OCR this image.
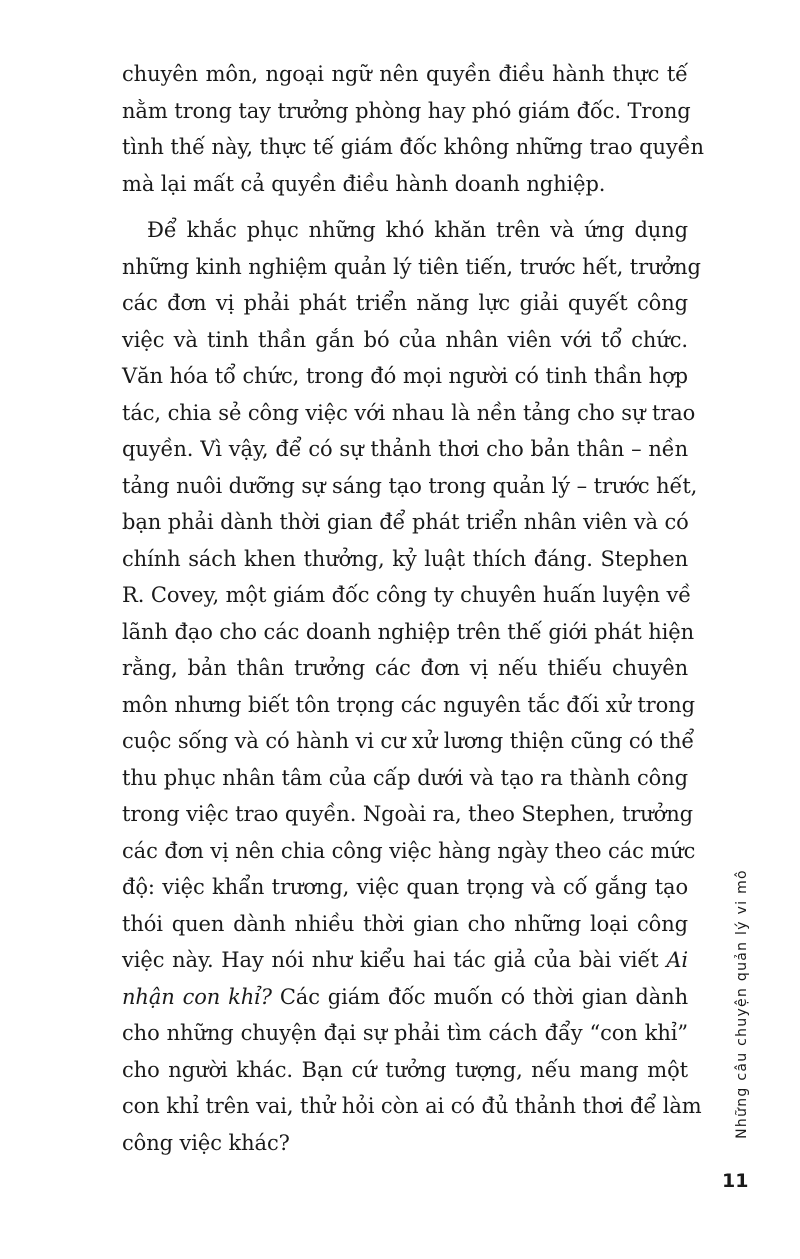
chuyên môn, ngoại ngữ nên quyền điều hành thực tế
nằm trong tay trưởng phòng hay phó giám đốc. Trong
tình thế này, thực tế giám đốc không những trao quyền
mà lại mất cả quyền điều hành doanh nghiệp.
Để khắc phục những khó khăn trên và ứng dụng
những kinh nghiệm quản lý tiên tiến, trước hết, trưởng
các đơn vị phải phát triển năng lực giải quyết công
việc và tinh thần gắn bó của nhân viên với tổ chức.
Văn hóa tổ chức, trong đó mọi người có tinh thần hợp
tác, chia sẻ công việc với nhau là nền tảng cho sự trao
quyền. Vì vậy, để có sự thảnh thơi cho bản thân – nền
tảng nuôi dưỡng sự sáng tạo trong quản lý – trước hết,
bạn phải dành thời gian để phát triển nhân viên và có
chính sách khen thưởng, kỷ luật thích đáng. Stephen
R. Covey, một giám đốc công ty chuyên huấn luyện về
lãnh đạo cho các doanh nghiệp trên thế giới phát hiện
rằng, bản thân trưởng các đơn vị nếu thiếu chuyên
môn nhưng biết tôn trọng các nguyên tắc đối xử trong
cuộc sống và có hành vi cư xử lương thiện cũng có thể
thu phục nhân tâm của cấp dưới và tạo ra thành công
trong việc trao quyền. Ngoài ra, theo Stephen, trưởng
các đơn vị nên chia công việc hàng ngày theo các mức
độ: việc khẩn trương, việc quan trọng và cố gắng tạo
thói quen dành nhiều thời gian cho những loại công
việc này. Hay nói như kiểu hai tác giả của bài viết Ai
nhận con khỉ? Các giám đốc muốn có thời gian dành
cho những chuyện đại sự phải tìm cách đẩy “con khỉ”
cho người khác. Bạn cứ tưởng tượng, nếu mang một
con khỉ trên vai, thử hỏi còn ai có đủ thảnh thơi để làm
công việc khác?
Những câu chuyện quản lý vi mô
11
